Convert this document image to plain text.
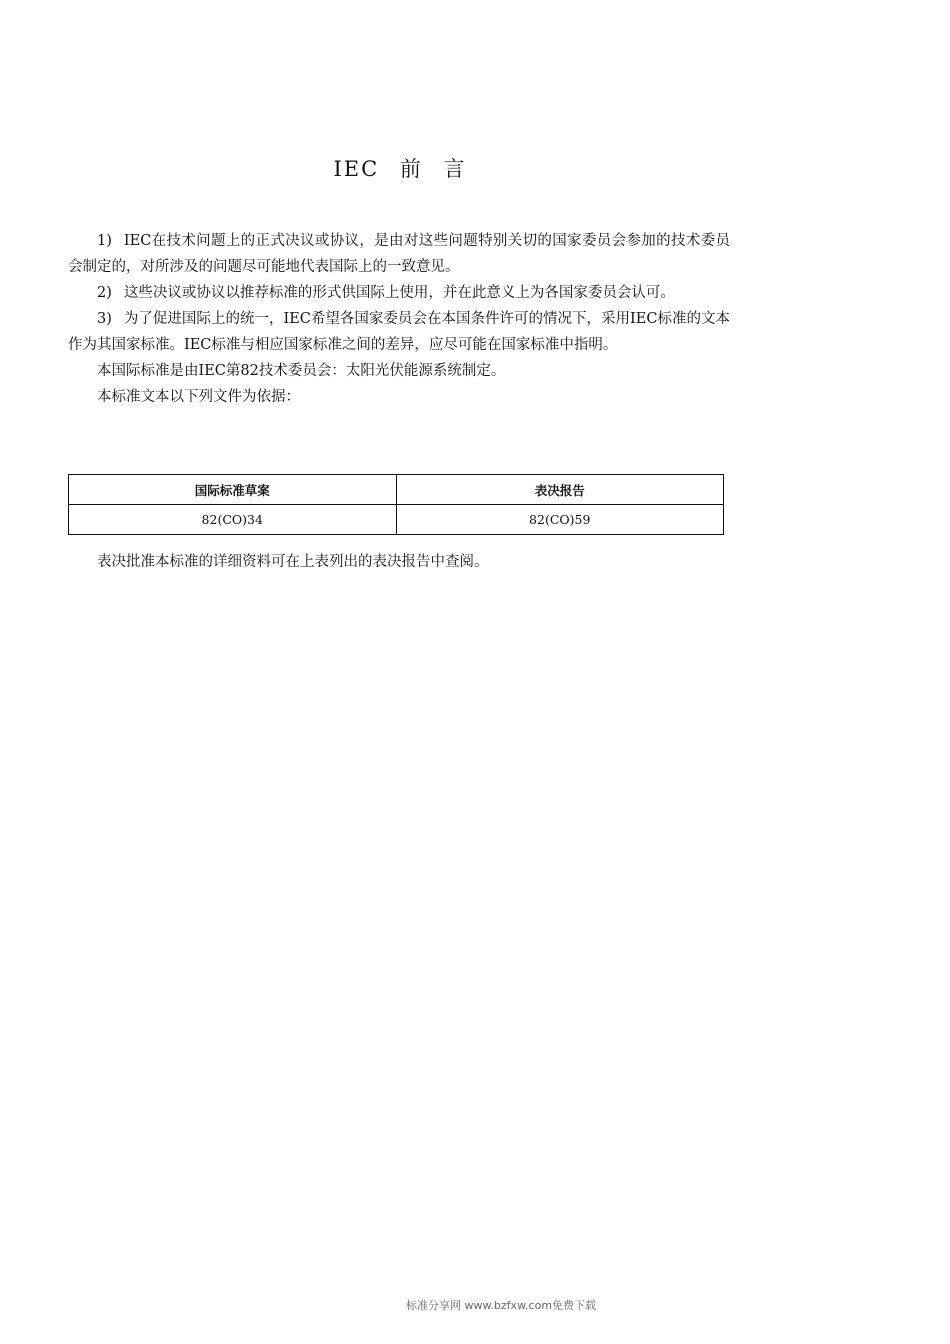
IEC 前 言

1) IEC在技术问题上的正式决议或协议，是由对这些问题特别关切的国家委员会参加的技术委员会制定的，对所涉及的问题尽可能地代表国际上的一致意见。

2) 这些决议或协议以推荐标准的形式供国际上使用，并在此意义上为各国家委员会认可。

3) 为了促进国际上的统一，IEC希望各国家委员会在本国条件许可的情况下，采用IEC标准的文本作为其国家标准。IEC标准与相应国家标准之间的差异，应尽可能在国家标准中指明。

本国际标准是由IEC第82技术委员会：太阳光伏能源系统制定。

本标准文本以下列文件为依据：

国际标准草案	表决报告
82(CO)34	82(CO)59

表决批准本标准的详细资料可在上表列出的表决报告中查阅。

标准分享网 www.bzfxw.com免费下载
